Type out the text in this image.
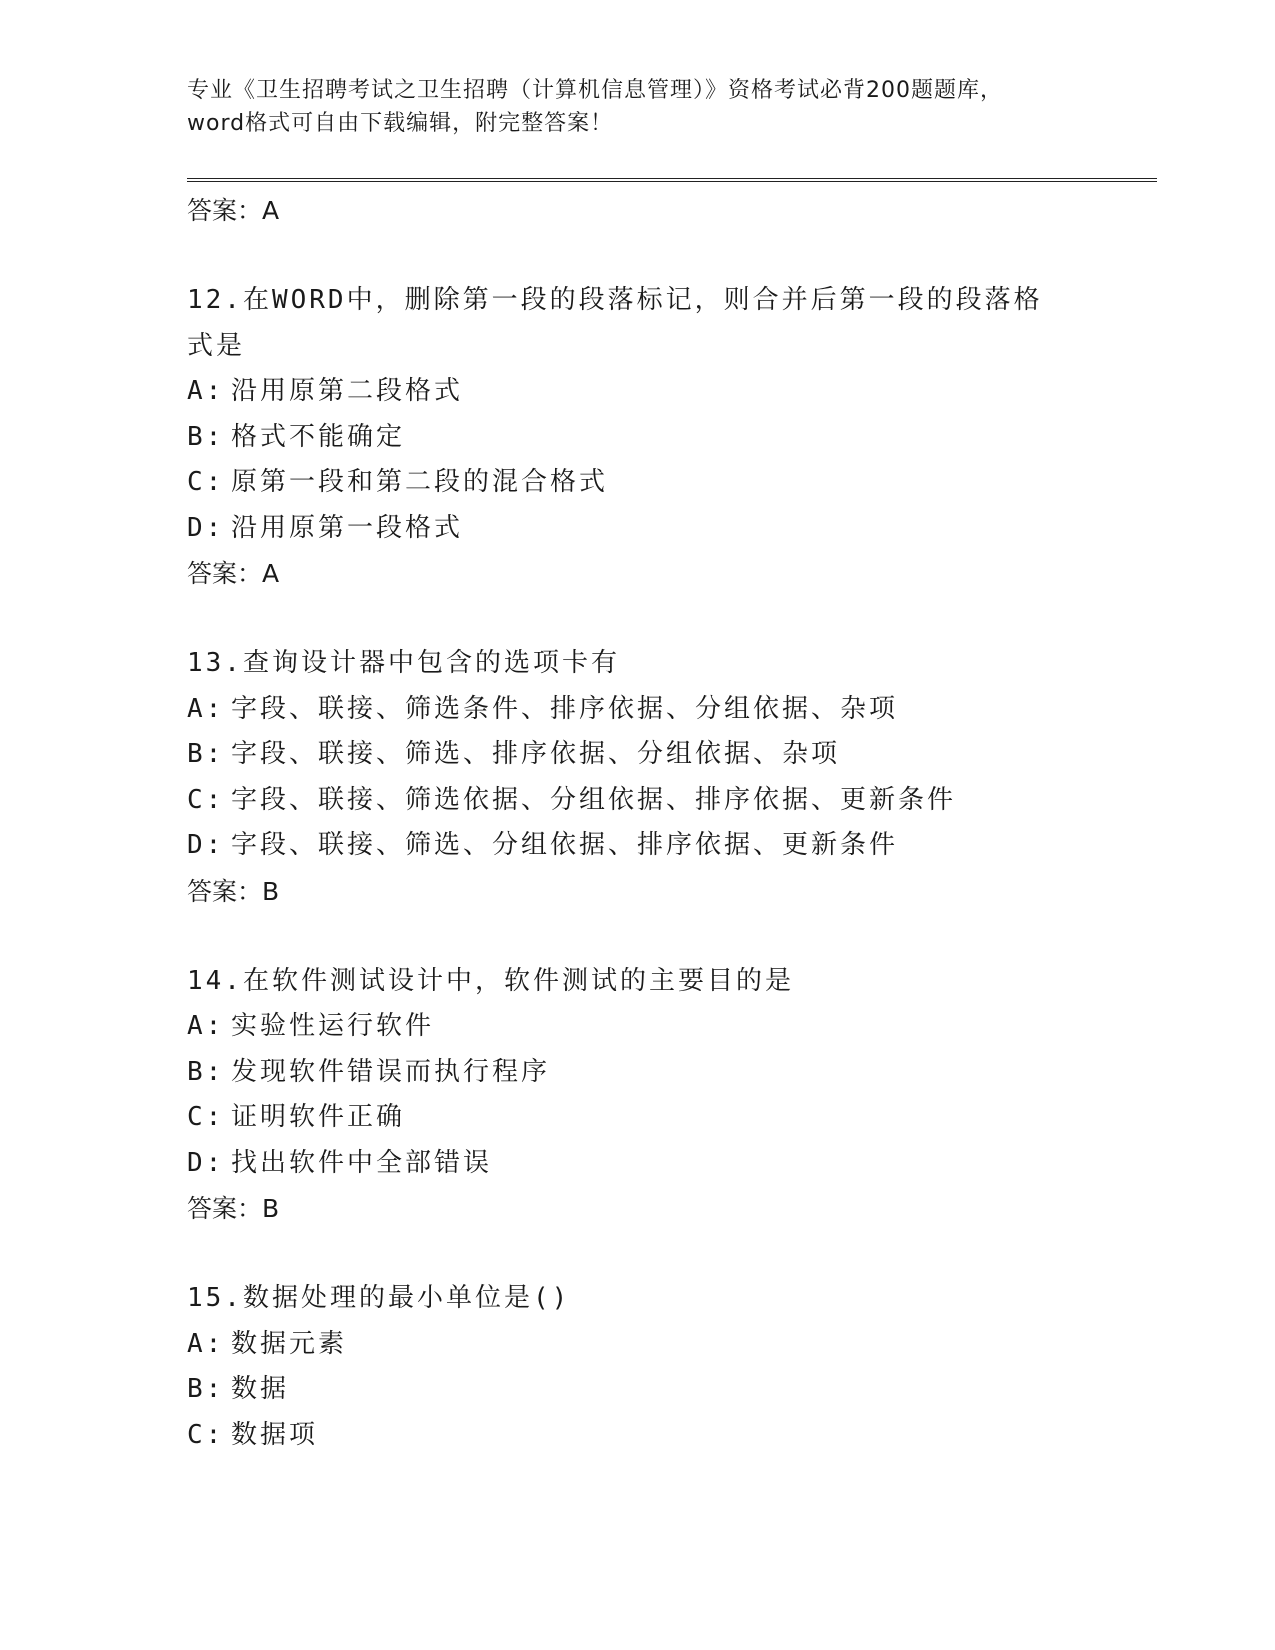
专业《卫生招聘考试之卫生招聘（计算机信息管理）》资格考试必背200题题库，
word格式可自由下载编辑，附完整答案！
答案：A
12.在WORD中，删除第一段的段落标记，则合并后第一段的段落格式是
A: 沿用原第二段格式
B: 格式不能确定
C: 原第一段和第二段的混合格式
D: 沿用原第一段格式
答案：A
13.查询设计器中包含的选项卡有
A: 字段、联接、筛选条件、排序依据、分组依据、杂项
B: 字段、联接、筛选、排序依据、分组依据、杂项
C: 字段、联接、筛选依据、分组依据、排序依据、更新条件
D: 字段、联接、筛选、分组依据、排序依据、更新条件
答案：B
14.在软件测试设计中，软件测试的主要目的是
A: 实验性运行软件
B: 发现软件错误而执行程序
C: 证明软件正确
D: 找出软件中全部错误
答案：B
15.数据处理的最小单位是()
A: 数据元素
B: 数据
C: 数据项
